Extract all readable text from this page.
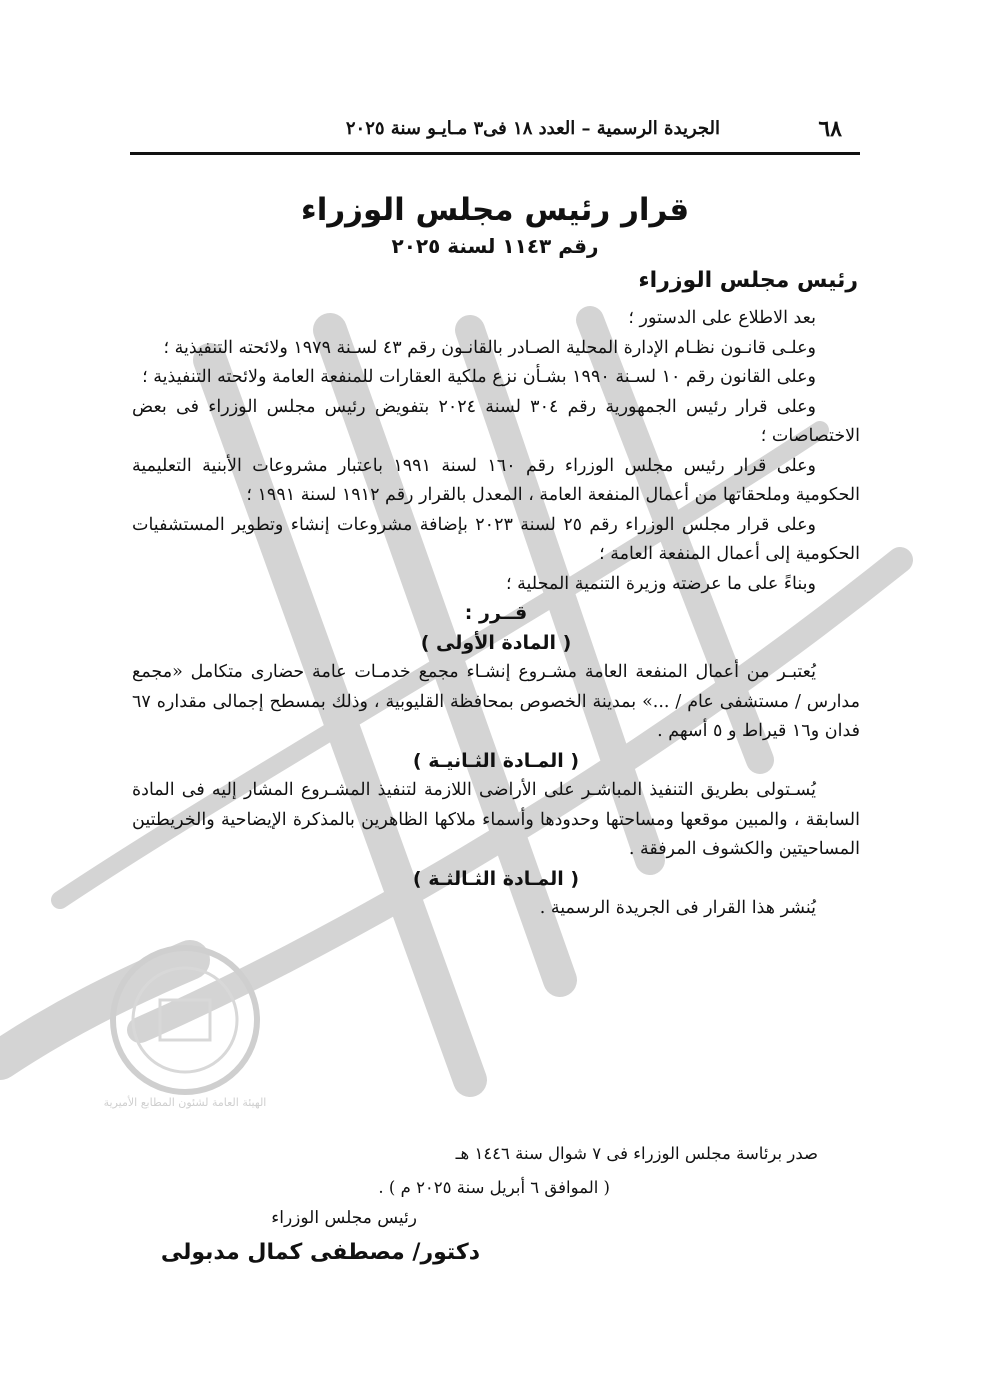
الهيئة العامة لشئون المطابع الأميرية
٦٨
الجريدة الرسمية – العدد ١٨ فى٣ مـايـو سنة ٢٠٢٥
قرار رئيس مجلس الوزراء
رقم ١١٤٣ لسنة ٢٠٢٥
رئيس مجلس الوزراء

بعد الاطلاع على الدستور ؛

وعلـى قانـون نظـام الإدارة المحلية الصـادر بالقانـون رقم ٤٣ لسـنة ١٩٧٩ ولائحته التنفيذية ؛

وعلى القانون رقم ١٠ لسـنة ١٩٩٠ بشـأن نزع ملكية العقارات للمنفعة العامة ولائحته التنفيذية ؛

وعلى قرار رئيس الجمهورية رقم ٣٠٤ لسنة ٢٠٢٤ بتفويض رئيس مجلس الوزراء فى بعض الاختصاصات ؛

وعلى قرار رئيس مجلس الوزراء رقم ١٦٠ لسنة ١٩٩١ باعتبار مشروعات الأبنية التعليمية الحكومية وملحقاتها من أعمال المنفعة العامة ، المعدل بالقرار رقم ١٩١٢ لسنة ١٩٩١ ؛

وعلى قرار مجلس الوزراء رقم ٢٥ لسنة ٢٠٢٣ بإضافة مشروعات إنشاء وتطوير المستشفيات الحكومية إلى أعمال المنفعة العامة ؛

وبناءً على ما عرضته وزيرة التنمية المحلية ؛

قــرر :

( المادة الأولى )

يُعتبـر من أعمال المنفعة العامة مشـروع إنشـاء مجمع خدمـات عامة حضارى متكامل «مجمع مدارس / مستشفى عام / ...» بمدينة الخصوص بمحافظة القليوبية ، وذلك بمسطح إجمالى مقداره ٦٧ فدان و١٦ قيراط و ٥ أسهم .

( المـادة الثـانيـة )

يُسـتولى بطريق التنفيذ المباشـر على الأراضى اللازمة لتنفيذ المشـروع المشار إليه فى المادة السابقة ، والمبين موقعها ومساحتها وحدودها وأسماء ملاكها الظاهرين بالمذكرة الإيضاحية والخريطتين المساحيتين والكشوف المرفقة .

( المـادة الثـالثـة )

يُنشر هذا القرار فى الجريدة الرسمية .

صدر برئاسة مجلس الوزراء فى ٧ شوال سنة ١٤٤٦ هـ
( الموافق ٦ أبريل سنة ٢٠٢٥ م ) .
رئيس مجلس الوزراء
دكتور/ مصطفى كمال مدبولى
